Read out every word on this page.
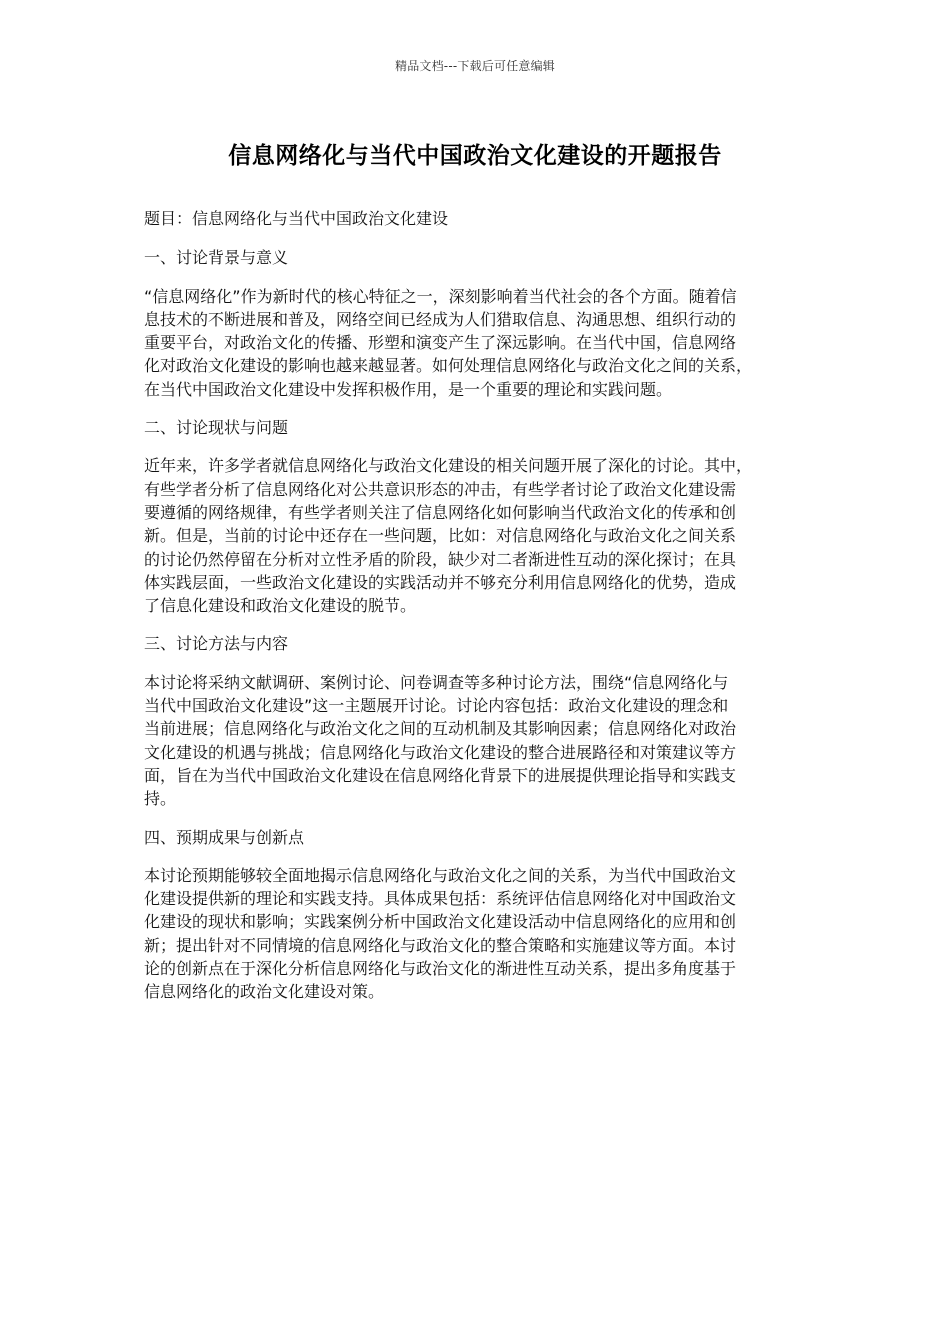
精品文档---下载后可任意编辑
信息网络化与当代中国政治文化建设的开题报告

题目：信息网络化与当代中国政治文化建设

一、讨论背景与意义

“信息网络化”作为新时代的核心特征之一，深刻影响着当代社会的各个方面。随着信
息技术的不断进展和普及，网络空间已经成为人们猎取信息、沟通思想、组织行动的
重要平台，对政治文化的传播、形塑和演变产生了深远影响。在当代中国，信息网络
化对政治文化建设的影响也越来越显著。如何处理信息网络化与政治文化之间的关系，
在当代中国政治文化建设中发挥积极作用，是一个重要的理论和实践问题。

二、讨论现状与问题

近年来，许多学者就信息网络化与政治文化建设的相关问题开展了深化的讨论。其中，
有些学者分析了信息网络化对公共意识形态的冲击，有些学者讨论了政治文化建设需
要遵循的网络规律，有些学者则关注了信息网络化如何影响当代政治文化的传承和创
新。但是，当前的讨论中还存在一些问题，比如：对信息网络化与政治文化之间关系
的讨论仍然停留在分析对立性矛盾的阶段，缺少对二者渐进性互动的深化探讨；在具
体实践层面，一些政治文化建设的实践活动并不够充分利用信息网络化的优势，造成
了信息化建设和政治文化建设的脱节。

三、讨论方法与内容

本讨论将采纳文献调研、案例讨论、问卷调查等多种讨论方法，围绕“信息网络化与
当代中国政治文化建设”这一主题展开讨论。讨论内容包括：政治文化建设的理念和
当前进展；信息网络化与政治文化之间的互动机制及其影响因素；信息网络化对政治
文化建设的机遇与挑战；信息网络化与政治文化建设的整合进展路径和对策建议等方
面，旨在为当代中国政治文化建设在信息网络化背景下的进展提供理论指导和实践支
持。

四、预期成果与创新点

本讨论预期能够较全面地揭示信息网络化与政治文化之间的关系，为当代中国政治文
化建设提供新的理论和实践支持。具体成果包括：系统评估信息网络化对中国政治文
化建设的现状和影响；实践案例分析中国政治文化建设活动中信息网络化的应用和创
新；提出针对不同情境的信息网络化与政治文化的整合策略和实施建议等方面。本讨
论的创新点在于深化分析信息网络化与政治文化的渐进性互动关系，提出多角度基于
信息网络化的政治文化建设对策。
